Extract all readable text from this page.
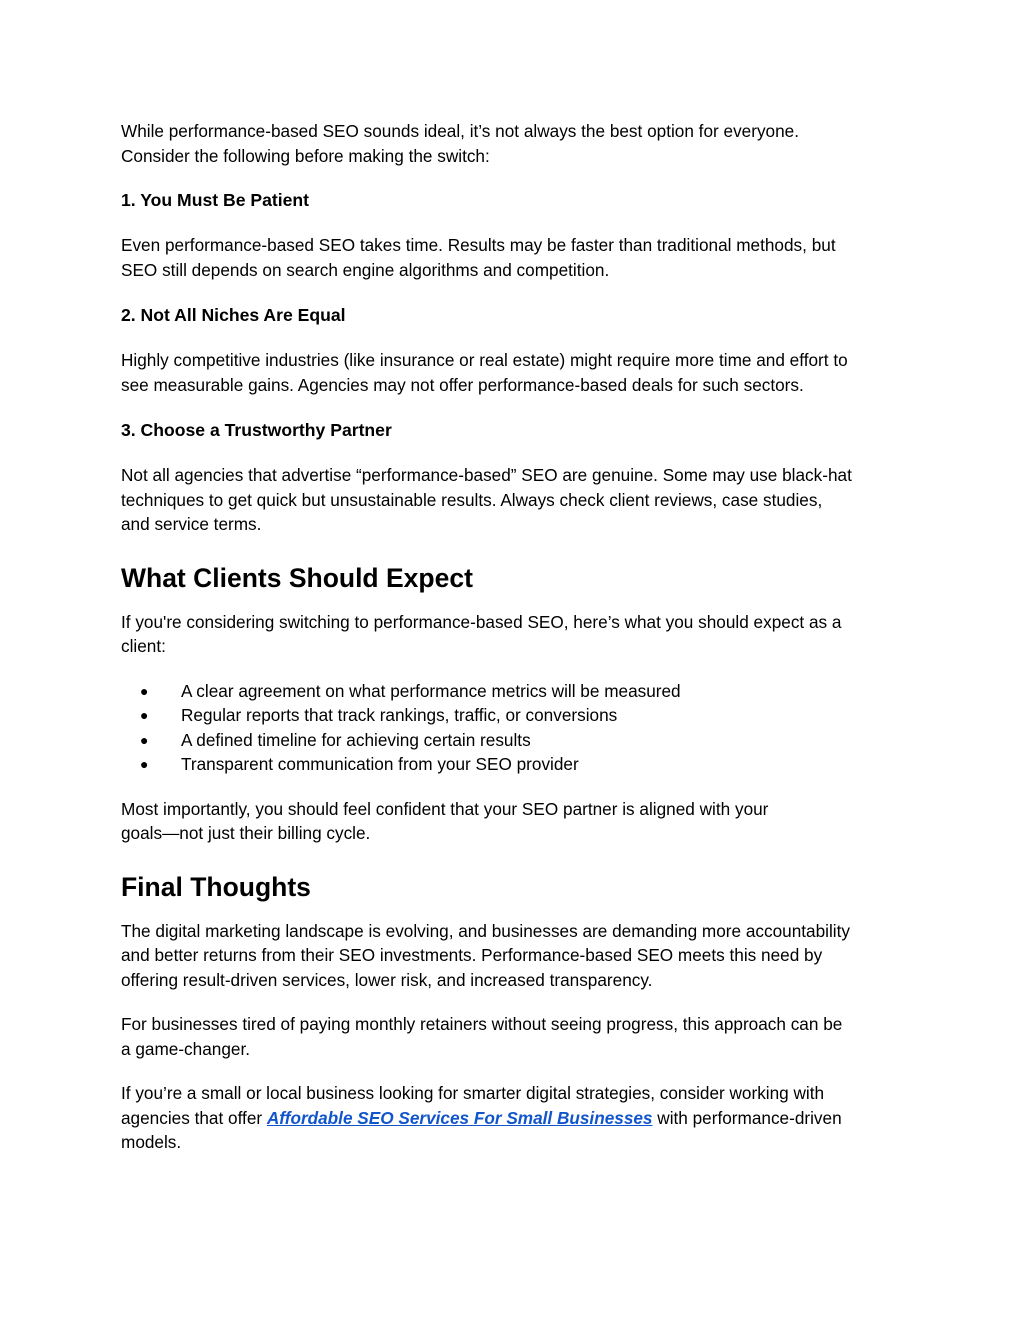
While performance-based SEO sounds ideal, it’s not always the best option for everyone.
Consider the following before making the switch:

1. You Must Be Patient

Even performance-based SEO takes time. Results may be faster than traditional methods, but
SEO still depends on search engine algorithms and competition.

2. Not All Niches Are Equal

Highly competitive industries (like insurance or real estate) might require more time and effort to
see measurable gains. Agencies may not offer performance-based deals for such sectors.

3. Choose a Trustworthy Partner

Not all agencies that advertise “performance-based” SEO are genuine. Some may use black-hat
techniques to get quick but unsustainable results. Always check client reviews, case studies,
and service terms.

What Clients Should Expect

If you're considering switching to performance-based SEO, here’s what you should expect as a
client:

● A clear agreement on what performance metrics will be measured
● Regular reports that track rankings, traffic, or conversions
● A defined timeline for achieving certain results
● Transparent communication from your SEO provider

Most importantly, you should feel confident that your SEO partner is aligned with your
goals—not just their billing cycle.

Final Thoughts

The digital marketing landscape is evolving, and businesses are demanding more accountability
and better returns from their SEO investments. Performance-based SEO meets this need by
offering result-driven services, lower risk, and increased transparency.

For businesses tired of paying monthly retainers without seeing progress, this approach can be
a game-changer.

If you’re a small or local business looking for smarter digital strategies, consider working with
agencies that offer Affordable SEO Services For Small Businesses with performance-driven
models.
